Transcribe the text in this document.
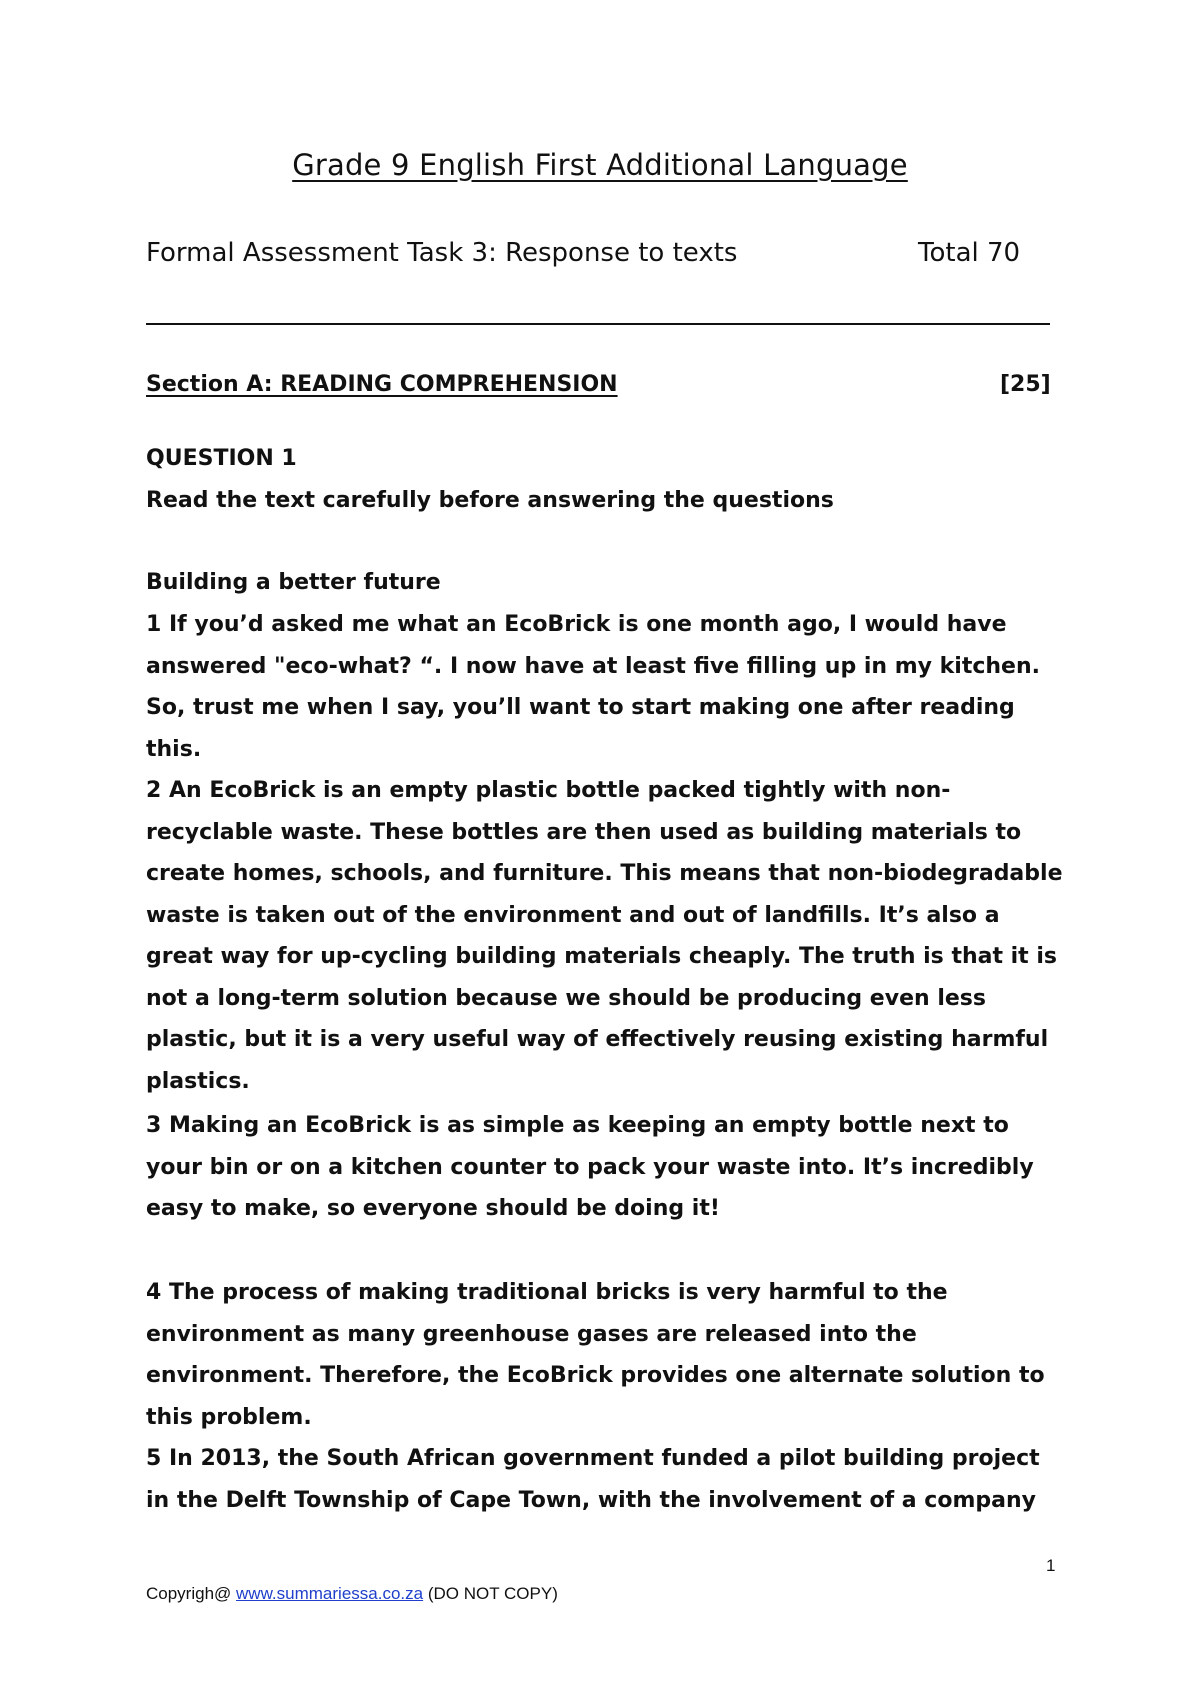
Grade 9 English First Additional Language
Formal Assessment Task 3: Response to texts	Total 70
Section A: READING COMPREHENSION	[25]
QUESTION 1
Read the text carefully before answering the questions
Building a better future

1 If you’d asked me what an EcoBrick is one month ago, I would have answered "eco-what? “. I now have at least five filling up in my kitchen. So, trust me when I say, you’ll want to start making one after reading this.

2 An EcoBrick is an empty plastic bottle packed tightly with non-recyclable waste. These bottles are then used as building materials to create homes, schools, and furniture. This means that non-biodegradable waste is taken out of the environment and out of landfills. It’s also a great way for up-cycling building materials cheaply. The truth is that it is not a long-term solution because we should be producing even less plastic, but it is a very useful way of effectively reusing existing harmful plastics.

3 Making an EcoBrick is as simple as keeping an empty bottle next to your bin or on a kitchen counter to pack your waste into. It’s incredibly easy to make, so everyone should be doing it!

4 The process of making traditional bricks is very harmful to the environment as many greenhouse gases are released into the environment. Therefore, the EcoBrick provides one alternate solution to this problem.

5 In 2013, the South African government funded a pilot building project in the Delft Township of Cape Town, with the involvement of a company

1
Copyrigh@ www.summariessa.co.za (DO NOT COPY)
